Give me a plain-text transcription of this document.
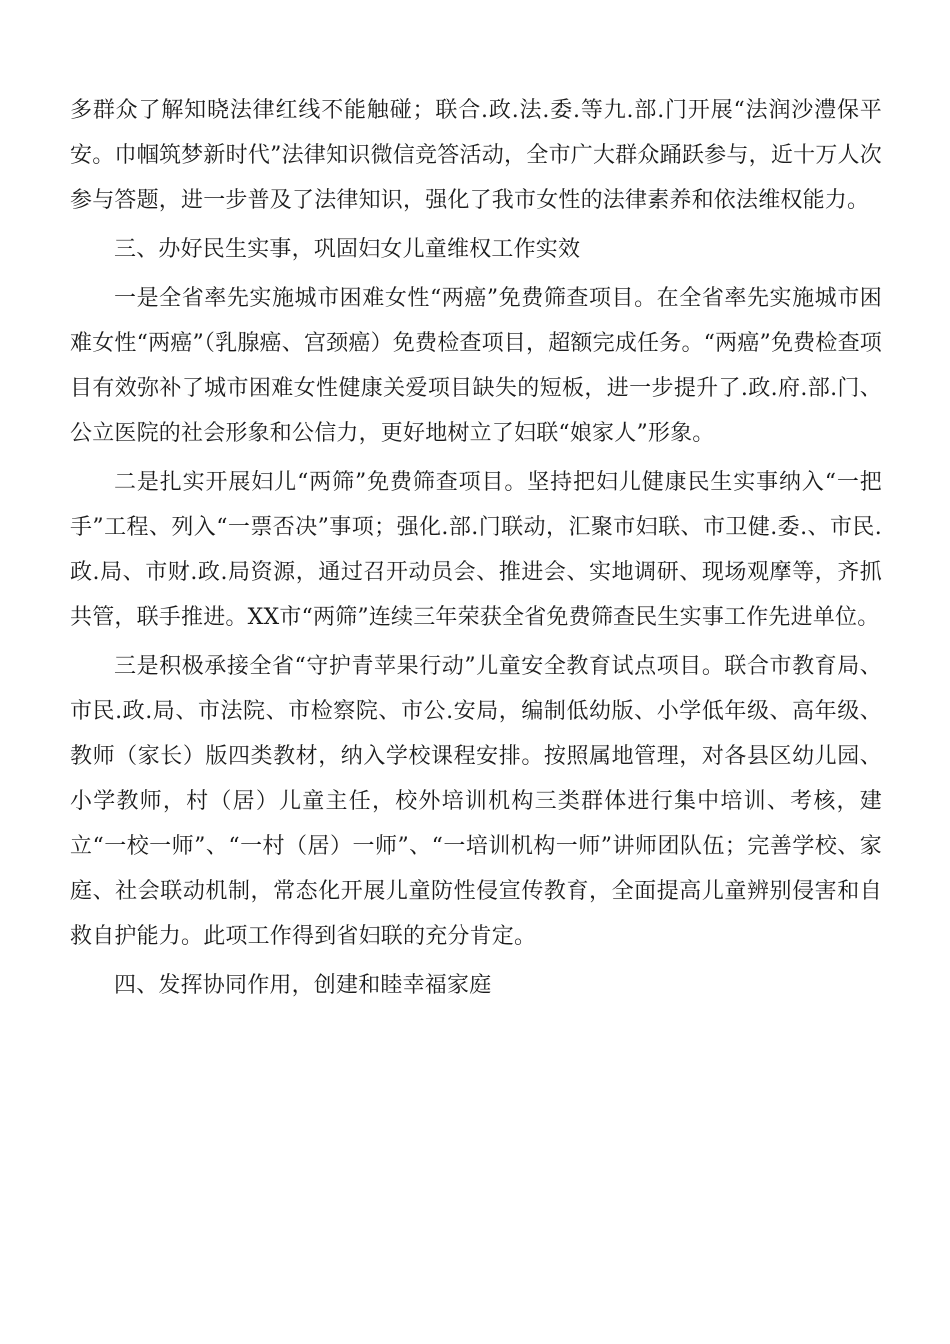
多群众了解知晓法律红线不能触碰；联合.政.法.委.等九.部.门开展“法润沙澧保平安。巾帼筑梦新时代”法律知识微信竞答活动，全市广大群众踊跃参与，近十万人次参与答题，进一步普及了法律知识，强化了我市女性的法律素养和依法维权能力。

三、办好民生实事，巩固妇女儿童维权工作实效

一是全省率先实施城市困难女性“两癌”免费筛查项目。在全省率先实施城市困难女性“两癌”（乳腺癌、宫颈癌）免费检查项目，超额完成任务。“两癌”免费检查项目有效弥补了城市困难女性健康关爱项目缺失的短板，进一步提升了.政.府.部.门、公立医院的社会形象和公信力，更好地树立了妇联“娘家人”形象。

二是扎实开展妇儿“两筛”免费筛查项目。坚持把妇儿健康民生实事纳入“一把手”工程、列入“一票否决”事项；强化.部.门联动，汇聚市妇联、市卫健.委.、市民.政.局、市财.政.局资源，通过召开动员会、推进会、实地调研、现场观摩等，齐抓共管，联手推进。XX市“两筛”连续三年荣获全省免费筛查民生实事工作先进单位。

三是积极承接全省“守护青苹果行动”儿童安全教育试点项目。联合市教育局、市民.政.局、市法院、市检察院、市公.安局，编制低幼版、小学低年级、高年级、教师（家长）版四类教材，纳入学校课程安排。按照属地管理，对各县区幼儿园、小学教师，村（居）儿童主任，校外培训机构三类群体进行集中培训、考核，建立“一校一师”、“一村（居）一师”、“一培训机构一师”讲师团队伍；完善学校、家庭、社会联动机制，常态化开展儿童防性侵宣传教育，全面提高儿童辨别侵害和自救自护能力。此项工作得到省妇联的充分肯定。

四、发挥协同作用，创建和睦幸福家庭
